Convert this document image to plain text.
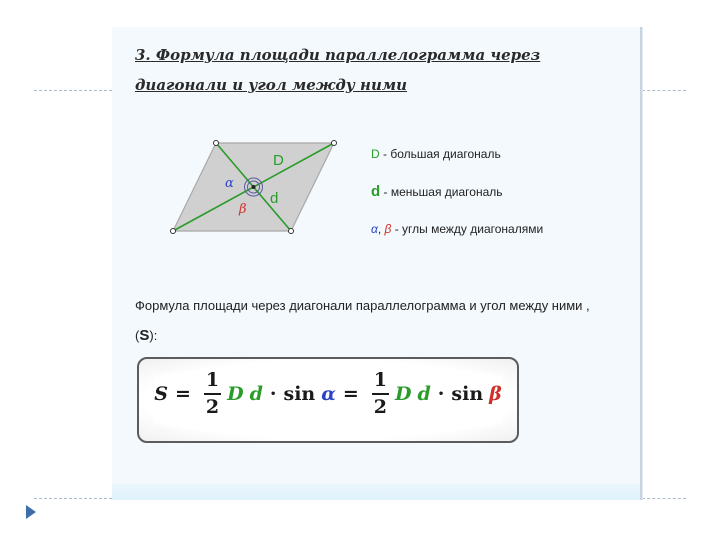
3. Формула площади параллелограмма через диагонали и угол между ними
D
d
α
β
D - большая диагональ
d - меньшая диагональ
α, β - углы между диагоналями
Формула площади через диагонали параллелограмма и угол между ними , (S):
$S = \frac{1}{2}$ D $d \cdot \sin \alpha = \frac{1}{2}$ D d · sin β
